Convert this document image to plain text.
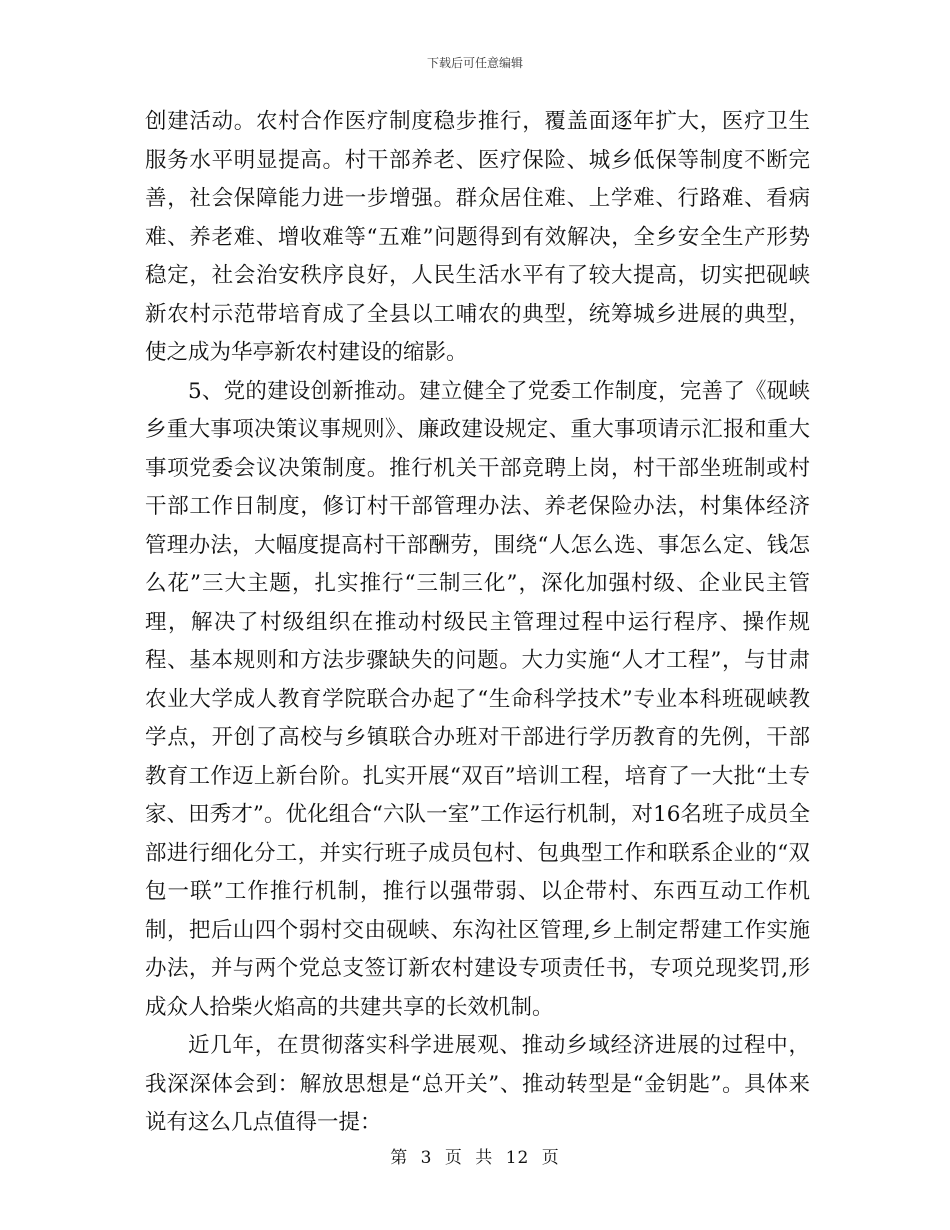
下载后可任意编辑

创建活动。农村合作医疗制度稳步推行，覆盖面逐年扩大，医疗卫生服务水平明显提高。村干部养老、医疗保险、城乡低保等制度不断完善，社会保障能力进一步增强。群众居住难、上学难、行路难、看病难、养老难、增收难等“五难”问题得到有效解决，全乡安全生产形势稳定，社会治安秩序良好，人民生活水平有了较大提高，切实把砚峡新农村示范带培育成了全县以工哺农的典型，统筹城乡进展的典型，使之成为华亭新农村建设的缩影。

5、党的建设创新推动。建立健全了党委工作制度，完善了《砚峡乡重大事项决策议事规则》、廉政建设规定、重大事项请示汇报和重大事项党委会议决策制度。推行机关干部竞聘上岗，村干部坐班制或村干部工作日制度，修订村干部管理办法、养老保险办法，村集体经济管理办法，大幅度提高村干部酬劳，围绕“人怎么选、事怎么定、钱怎么花”三大主题，扎实推行“三制三化”，深化加强村级、企业民主管理，解决了村级组织在推动村级民主管理过程中运行程序、操作规程、基本规则和方法步骤缺失的问题。大力实施“人才工程”，与甘肃农业大学成人教育学院联合办起了“生命科学技术”专业本科班砚峡教学点，开创了高校与乡镇联合办班对干部进行学历教育的先例，干部教育工作迈上新台阶。扎实开展“双百”培训工程，培育了一大批“土专家、田秀才”。优化组合“六队一室”工作运行机制，对16名班子成员全部进行细化分工，并实行班子成员包村、包典型工作和联系企业的“双包一联”工作推行机制，推行以强带弱、以企带村、东西互动工作机制，把后山四个弱村交由砚峡、东沟社区管理,乡上制定帮建工作实施办法，并与两个党总支签订新农村建设专项责任书，专项兑现奖罚,形成众人拾柴火焰高的共建共享的长效机制。

近几年，在贯彻落实科学进展观、推动乡域经济进展的过程中，我深深体会到：解放思想是“总开关”、推动转型是“金钥匙”。具体来说有这么几点值得一提：

第 3 页 共 12 页
